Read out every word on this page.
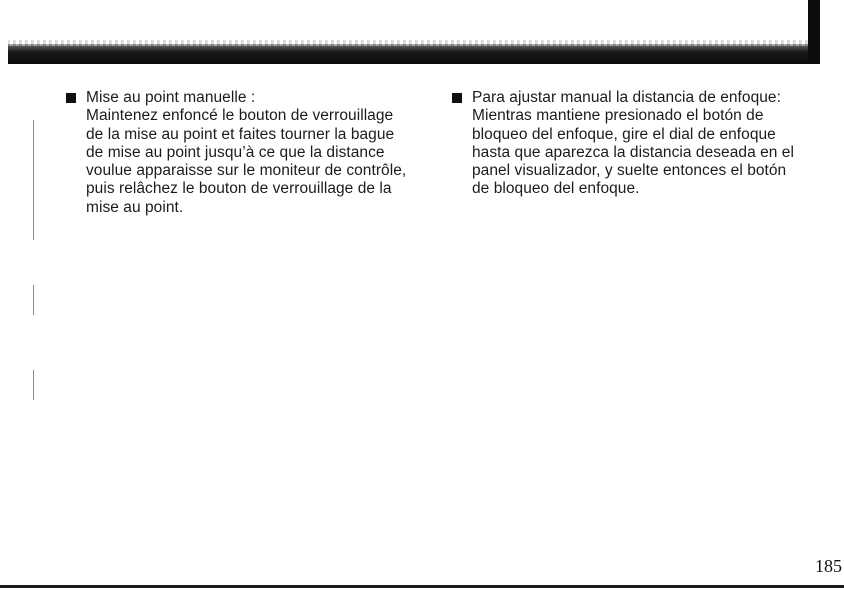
Mise au point manuelle :
Maintenez enfoncé le bouton de verrouillage
de la mise au point et faites tourner la bague
de mise au point jusqu’à ce que la distance
voulue apparaisse sur le moniteur de contrôle,
puis relâchez le bouton de verrouillage de la
mise au point.
Para ajustar manual la distancia de enfoque:
Mientras mantiene presionado el botón de
bloqueo del enfoque, gire el dial de enfoque
hasta que aparezca la distancia deseada en el
panel visualizador, y suelte entonces el botón
de bloqueo del enfoque.
185
